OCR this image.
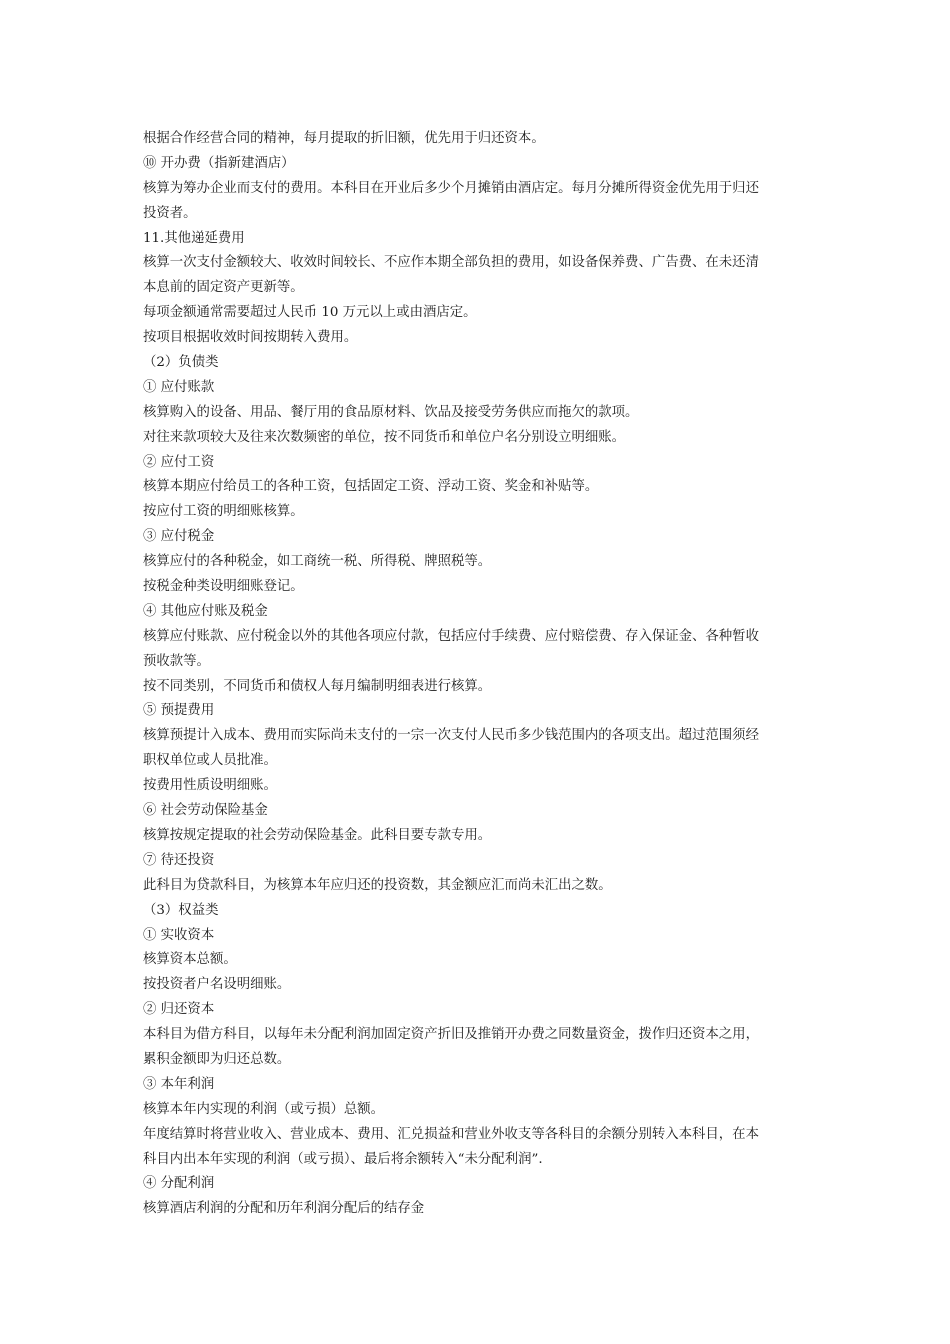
根据合作经营合同的精神，每月提取的折旧额，优先用于归还资本。
⑩ 开办费（指新建酒店）
核算为筹办企业而支付的费用。本科目在开业后多少个月摊销由酒店定。每月分摊所得资金优先用于归还
投资者。
11.其他递延费用
核算一次支付金额较大、收效时间较长、不应作本期全部负担的费用，如设备保养费、广告费、在未还清
本息前的固定资产更新等。
每项金额通常需要超过人民币 10 万元以上或由酒店定。
按项目根据收效时间按期转入费用。
（2）负债类
① 应付账款
核算购入的设备、用品、餐厅用的食品原材料、饮品及接受劳务供应而拖欠的款项。
对往来款项较大及往来次数频密的单位，按不同货币和单位户名分别设立明细账。
② 应付工资
核算本期应付给员工的各种工资，包括固定工资、浮动工资、奖金和补贴等。
按应付工资的明细账核算。
③ 应付税金
核算应付的各种税金，如工商统一税、所得税、牌照税等。
按税金种类设明细账登记。
④ 其他应付账及税金
核算应付账款、应付税金以外的其他各项应付款，包括应付手续费、应付赔偿费、存入保证金、各种暂收
预收款等。
按不同类别，不同货币和债权人每月编制明细表进行核算。
⑤ 预提费用
核算预提计入成本、费用而实际尚未支付的一宗一次支付人民币多少钱范围内的各项支出。超过范围须经
职权单位或人员批准。
按费用性质设明细账。
⑥ 社会劳动保险基金
核算按规定提取的社会劳动保险基金。此科目要专款专用。
⑦ 待还投资
此科目为贷款科目，为核算本年应归还的投资数，其金额应汇而尚未汇出之数。
（3）权益类
① 实收资本
核算资本总额。
按投资者户名设明细账。
② 归还资本
本科目为借方科目，以每年未分配利润加固定资产折旧及推销开办费之同数量资金，拨作归还资本之用，
累积金额即为归还总数。
③ 本年利润
核算本年内实现的利润（或亏损）总额。
年度结算时将营业收入、营业成本、费用、汇兑损益和营业外收支等各科目的余额分别转入本科目，在本
科目内出本年实现的利润（或亏损）、最后将余额转入“未分配利润”.
④ 分配利润
核算酒店利润的分配和历年利润分配后的结存金
